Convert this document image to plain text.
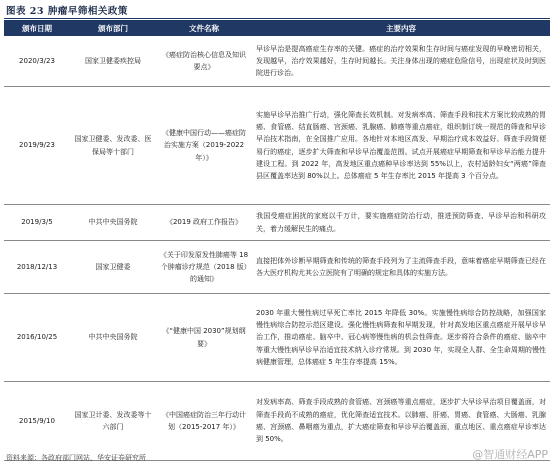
图表 23 肿瘤早筛相关政策
颁布日期	颁布部门	文件名称	主要内容
2020/3/23	国家卫健委疾控局	《癌症防治核心信息及知识要点》	早诊早治是提高癌症生存率的关键。癌症的治疗效果和生存时间与癌症发现的早晚密切相关，发现越早，治疗效果越好，生存时间越长。关注身体出现的癌症危险信号，出现症状及时到医院进行诊治。
2019/9/23	国家卫健委、发改委、医保局等十部门	《健康中国行动——癌症防治实施方案（2019-2022年）》	实施早诊早治推广行动，强化筛查长效机制。对发病率高、筛查手段和技术方案比较成熟的胃癌、食管癌、结直肠癌、宫颈癌、乳腺癌、肺癌等重点癌症，组织制订统一规范的筛查和早诊早治技术指南，在全国推广应用。各地针对本地区高发、早期治疗成本效益好、筛查手段简便易行的癌症，逐步扩大筛查和早诊早治覆盖范围。试点开展癌症早期筛查和早诊早治能力提升建设工程。到 2022 年，高发地区重点癌种早诊率达到 55%以上，农村适龄妇女“两癌”筛查县区覆盖率达到 80%以上。总体癌症 5 年生存率比 2015 年提高 3 个百分点。
2019/3/5	中共中央国务院	《2019 政府工作报告》	我国受癌症困扰的家庭以千万计，要实施癌症防治行动，推进预防筛查、早诊早治和科研攻关，着力缓解民生的痛点。
2018/12/13	国家卫健委	《关于印发原发性肺癌等 18 个肿瘤诊疗规范（2018 版）的通知》	直接把体外诊断早期筛查和传统的筛查手段列为了主流筛查手段，意味着癌症早期筛查已经在各大医疗机构尤其公立医院有了明确的规定和具体的实施方法。
2016/10/25	中共中央国务院	《“健康中国 2030”规划纲要》	2030 年重大慢性病过早死亡率比 2015 年降低 30%。实施慢性病综合防控战略，加强国家慢性病综合防控示范区建设。强化慢性病筛查和早期发现，针对高发地区重点癌症开展早诊早治工作，推动癌症、脑卒中、冠心病等慢性病的机会性筛查。逐步将符合条件的癌症、脑卒中等重大慢性病早诊早治适宜技术纳入诊疗常规。到 2030 年，实现全人群、全生命周期的慢性病健康管理，总体癌症 5 年生存率提高 15%。
2015/9/10	国家卫计委、发改委等十六部门	《中国癌症防治三年行动计划（2015-2017 年）》	对发病率高、筛查手段成熟的食管癌、宫颈癌等重点癌症，逐步扩大早诊早治项目覆盖面，对筛查手段尚不成熟的癌症，优化筛查适宜技术。以肺癌、肝癌、胃癌、食管癌、大肠癌、乳腺癌、宫颈癌、鼻咽癌为重点，扩大癌症筛查和早诊早治覆盖面，重点地区、重点癌症早诊率达到 50%。
资料来源：各政府部门网站，华安证券研究所	@智通财经APP
